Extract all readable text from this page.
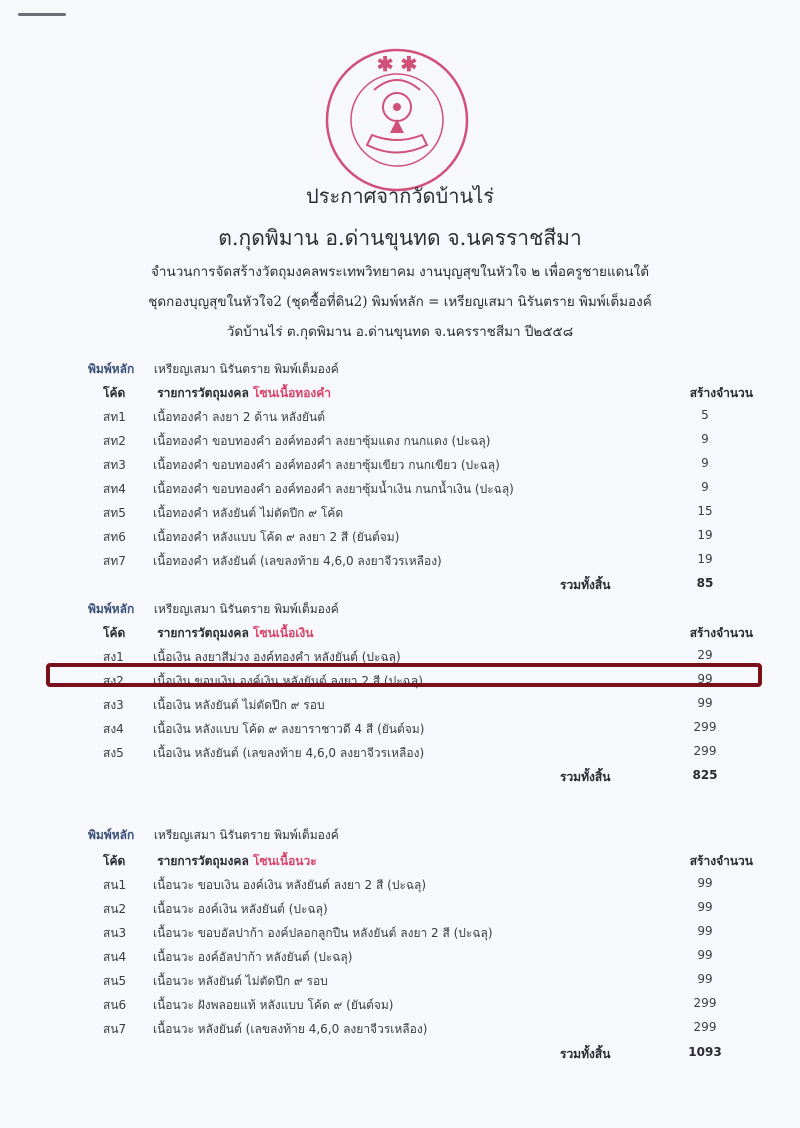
✱ ✱
ประกาศจากวัดบ้านไร่
ต.กุดพิมาน อ.ด่านขุนทด จ.นครราชสีมา
จำนวนการจัดสร้างวัตถุมงคลพระเทพวิทยาคม งานบุญสุขในหัวใจ ๒ เพื่อครูชายแดนใต้
ชุดกองบุญสุขในหัวใจ2 (ชุดซื้อที่ดิน2) พิมพ์หลัก = เหรียญเสมา นิรันตราย พิมพ์เต็มองค์
วัดบ้านไร่ ต.กุดพิมาน อ.ด่านขุนทด จ.นครราชสีมา ปี๒๕๕๘
พิมพ์หลัก เหรียญเสมา นิรันตราย พิมพ์เต็มองค์
โค้ด	รายการวัตถุมงคล โซนเนื้อทองคำ	สร้างจำนวน
สท1 เนื้อทองคำ ลงยา 2 ด้าน หลังยันต์	5
สท2 เนื้อทองคำ ขอบทองคำ องค์ทองคำ ลงยาซุ้มแดง กนกแดง (ปะฉลุ)	9
สท3 เนื้อทองคำ ขอบทองคำ องค์ทองคำ ลงยาซุ้มเขียว กนกเขียว (ปะฉลุ)	9
สท4 เนื้อทองคำ ขอบทองคำ องค์ทองคำ ลงยาซุ้มน้ำเงิน กนกน้ำเงิน (ปะฉลุ)	9
สท5 เนื้อทองคำ หลังยันต์ ไม่ตัดปีก ๙ โค้ด	15
สท6 เนื้อทองคำ หลังแบบ โค้ด ๙ ลงยา 2 สี (ยันต์จม)	19
สท7 เนื้อทองคำ หลังยันต์ (เลขลงท้าย 4,6,0 ลงยาจีวรเหลือง)	19
รวมทั้งสิ้น	85
พิมพ์หลัก เหรียญเสมา นิรันตราย พิมพ์เต็มองค์
โค้ด	รายการวัตถุมงคล โซนเนื้อเงิน	สร้างจำนวน
สง1 เนื้อเงิน ลงยาสีม่วง องค์ทองคำ หลังยันต์ (ปะฉลุ)	29
สง2 เนื้อเงิน ขอบเงิน องค์เงิน หลังยันต์ ลงยา 2 สี (ปะฉลุ)	99
สง3 เนื้อเงิน หลังยันต์ ไม่ตัดปีก ๙ รอบ	99
สง4 เนื้อเงิน หลังแบบ โค้ด ๙ ลงยาราชาวดี 4 สี (ยันต์จม)	299
สง5 เนื้อเงิน หลังยันต์ (เลขลงท้าย 4,6,0 ลงยาจีวรเหลือง)	299
รวมทั้งสิ้น	825
พิมพ์หลัก เหรียญเสมา นิรันตราย พิมพ์เต็มองค์
โค้ด	รายการวัตถุมงคล โซนเนื้อนวะ	สร้างจำนวน
สน1 เนื้อนวะ ขอบเงิน องค์เงิน หลังยันต์ ลงยา 2 สี (ปะฉลุ)	99
สน2 เนื้อนวะ องค์เงิน หลังยันต์ (ปะฉลุ)	99
สน3 เนื้อนวะ ขอบอัลปาก้า องค์ปลอกลูกปืน หลังยันต์ ลงยา 2 สี (ปะฉลุ)	99
สน4 เนื้อนวะ องค์อัลปาก้า หลังยันต์ (ปะฉลุ)	99
สน5 เนื้อนวะ หลังยันต์ ไม่ตัดปีก ๙ รอบ	99
สน6 เนื้อนวะ ฝังพลอยแท้ หลังแบบ โค้ด ๙ (ยันต์จม)	299
สน7 เนื้อนวะ หลังยันต์ (เลขลงท้าย 4,6,0 ลงยาจีวรเหลือง)	299
รวมทั้งสิ้น	1093
